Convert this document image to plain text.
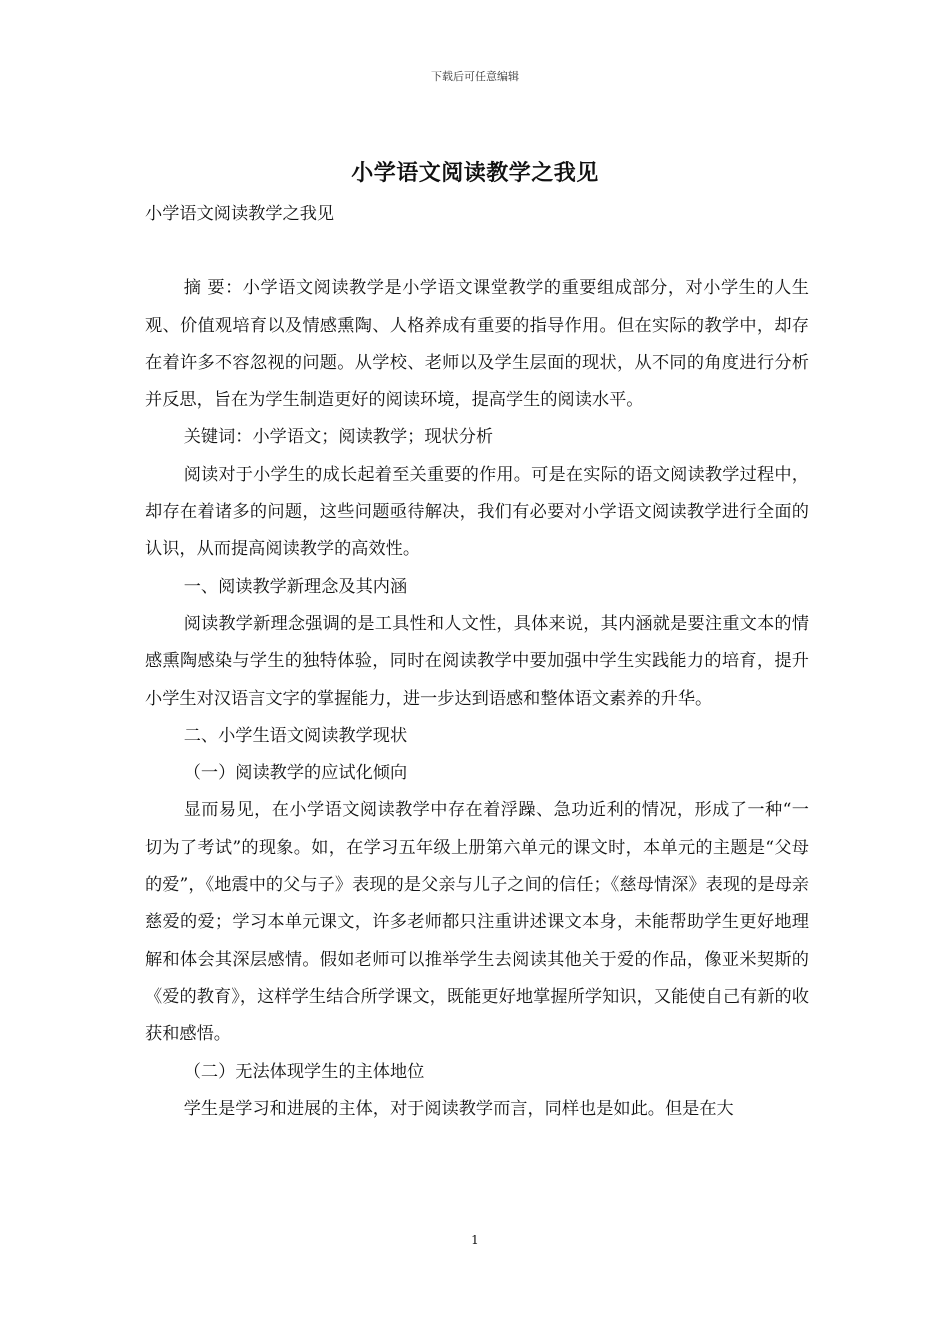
下载后可任意编辑
小学语文阅读教学之我见

小学语文阅读教学之我见

摘 要：小学语文阅读教学是小学语文课堂教学的重要组成部分，对小学生的人生观、价值观培育以及情感熏陶、人格养成有重要的指导作用。但在实际的教学中，却存在着许多不容忽视的问题。从学校、老师以及学生层面的现状，从不同的角度进行分析并反思，旨在为学生制造更好的阅读环境，提高学生的阅读水平。

关键词：小学语文；阅读教学；现状分析

阅读对于小学生的成长起着至关重要的作用。可是在实际的语文阅读教学过程中，却存在着诸多的问题，这些问题亟待解决，我们有必要对小学语文阅读教学进行全面的认识，从而提高阅读教学的高效性。

一、阅读教学新理念及其内涵

阅读教学新理念强调的是工具性和人文性，具体来说，其内涵就是要注重文本的情感熏陶感染与学生的独特体验，同时在阅读教学中要加强中学生实践能力的培育，提升小学生对汉语言文字的掌握能力，进一步达到语感和整体语文素养的升华。

二、小学生语文阅读教学现状

（一）阅读教学的应试化倾向

显而易见，在小学语文阅读教学中存在着浮躁、急功近利的情况，形成了一种“一切为了考试”的现象。如，在学习五年级上册第六单元的课文时，本单元的主题是“父母的爱”，《地震中的父与子》表现的是父亲与儿子之间的信任；《慈母情深》表现的是母亲慈爱的爱；学习本单元课文，许多老师都只注重讲述课文本身，未能帮助学生更好地理解和体会其深层感情。假如老师可以推举学生去阅读其他关于爱的作品，像亚米契斯的《爱的教育》，这样学生结合所学课文，既能更好地掌握所学知识，又能使自己有新的收获和感悟。

（二）无法体现学生的主体地位

学生是学习和进展的主体，对于阅读教学而言，同样也是如此。但是在大

1
